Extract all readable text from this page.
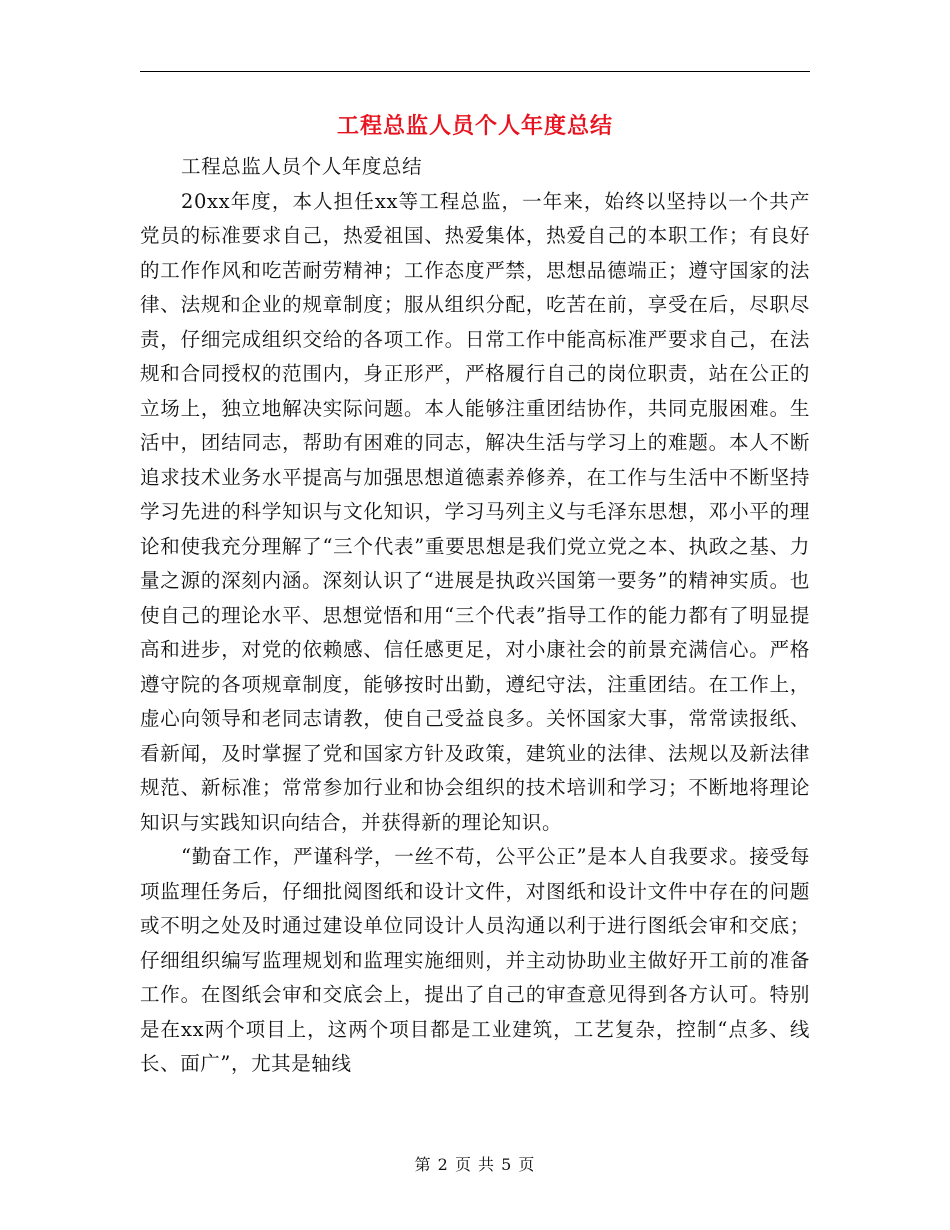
工程总监人员个人年度总结

工程总监人员个人年度总结

20xx年度，本人担任xx等工程总监，一年来，始终以坚持以一个共产党员的标准要求自己，热爱祖国、热爱集体，热爱自己的本职工作；有良好的工作作风和吃苦耐劳精神；工作态度严禁，思想品德端正；遵守国家的法律、法规和企业的规章制度；服从组织分配，吃苦在前，享受在后，尽职尽责，仔细完成组织交给的各项工作。日常工作中能高标准严要求自己，在法规和合同授权的范围内，身正形严，严格履行自己的岗位职责，站在公正的立场上，独立地解决实际问题。本人能够注重团结协作，共同克服困难。生活中，团结同志，帮助有困难的同志，解决生活与学习上的难题。本人不断追求技术业务水平提高与加强思想道德素养修养，在工作与生活中不断坚持学习先进的科学知识与文化知识，学习马列主义与毛泽东思想，邓小平的理论和使我充分理解了“三个代表”重要思想是我们党立党之本、执政之基、力量之源的深刻内涵。深刻认识了“进展是执政兴国第一要务”的精神实质。也使自己的理论水平、思想觉悟和用“三个代表”指导工作的能力都有了明显提高和进步，对党的依赖感、信任感更足，对小康社会的前景充满信心。严格遵守院的各项规章制度，能够按时出勤，遵纪守法，注重团结。在工作上，虚心向领导和老同志请教，使自己受益良多。关怀国家大事，常常读报纸、看新闻，及时掌握了党和国家方针及政策，建筑业的法律、法规以及新法律规范、新标准；常常参加行业和协会组织的技术培训和学习；不断地将理论知识与实践知识向结合，并获得新的理论知识。

“勤奋工作，严谨科学，一丝不苟，公平公正”是本人自我要求。接受每项监理任务后，仔细批阅图纸和设计文件，对图纸和设计文件中存在的问题或不明之处及时通过建设单位同设计人员沟通以利于进行图纸会审和交底；仔细组织编写监理规划和监理实施细则，并主动协助业主做好开工前的准备工作。在图纸会审和交底会上，提出了自己的审查意见得到各方认可。特别是在xx两个项目上，这两个项目都是工业建筑，工艺复杂，控制“点多、线长、面广”，尤其是轴线

第 2 页 共 5 页
